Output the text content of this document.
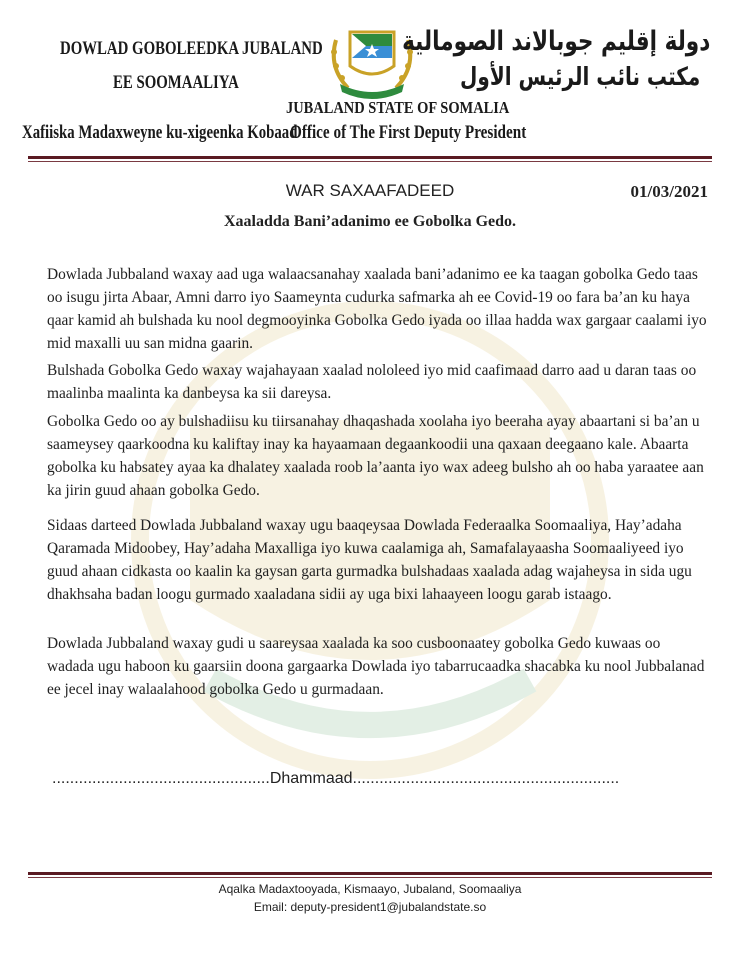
DOWLAD GOBOLEEDKA JUBALAND
EE SOOMAALIYA
Xafiiska Madaxweyne ku-xigeenka Kobaad
دولة إقليم جوبالاند الصومالية
مكتب نائب الرئيس الأول
JUBALAND STATE OF SOMALIA
Office of The First Deputy President
WAR SAXAAFADEED	01/03/2021
Xaaladda Bani’adanimo ee Gobolka Gedo.

Dowlada Jubbaland waxay aad uga walaacsanahay xaalada bani’adanimo ee ka taagan gobolka Gedo taas oo isugu jirta Abaar, Amni darro iyo Saameynta cudurka safmarka ah ee Covid-19 oo fara ba’an ku haya qaar kamid ah bulshada ku nool degmooyinka Gobolka Gedo iyada oo illaa hadda wax gargaar caalami iyo mid maxalli uu san midna gaarin.

Bulshada Gobolka Gedo waxay wajahayaan xaalad nololeed iyo mid caafimaad darro aad u daran taas oo maalinba maalinta ka danbeysa ka sii dareysa.

Gobolka Gedo oo ay bulshadiisu ku tiirsanahay dhaqashada xoolaha iyo beeraha ayay abaartani si ba’an u saameysey qaarkoodna ku kaliftay inay ka hayaamaan degaankoodii una qaxaan deegaano kale. Abaarta gobolka ku habsatey ayaa ka dhalatey xaalada roob la’aanta iyo wax adeeg bulsho ah oo haba yaraatee aan ka jirin guud ahaan gobolka Gedo.

Sidaas darteed Dowlada Jubbaland waxay ugu baaqeysaa Dowlada Federaalka Soomaaliya, Hay’adaha Qaramada Midoobey, Hay’adaha Maxalliga iyo kuwa caalamiga ah, Samafalayaasha Soomaaliyeed iyo guud ahaan cidkasta oo kaalin ka gaysan garta gurmadka bulshadaas xaalada adag wajaheysa in sida ugu dhakhsaha badan loogu gurmado xaaladana sidii ay uga bixi lahaayeen loogu garab istaago.

Dowlada Jubbaland waxay gudi u saareysaa xaalada ka soo cusboonaatey gobolka Gedo kuwaas oo wadada ugu haboon ku gaarsiin doona gargaarka Dowlada iyo tabarrucaadka shacabka ku nool Jubbalanad ee jecel inay walaalahood gobolka Gedo u gurmadaan.

.................................................Dhammaad............................................................
Aqalka Madaxtooyada, Kismaayo, Jubaland, Soomaaliya
Email: deputy-president1@jubalandstate.so
